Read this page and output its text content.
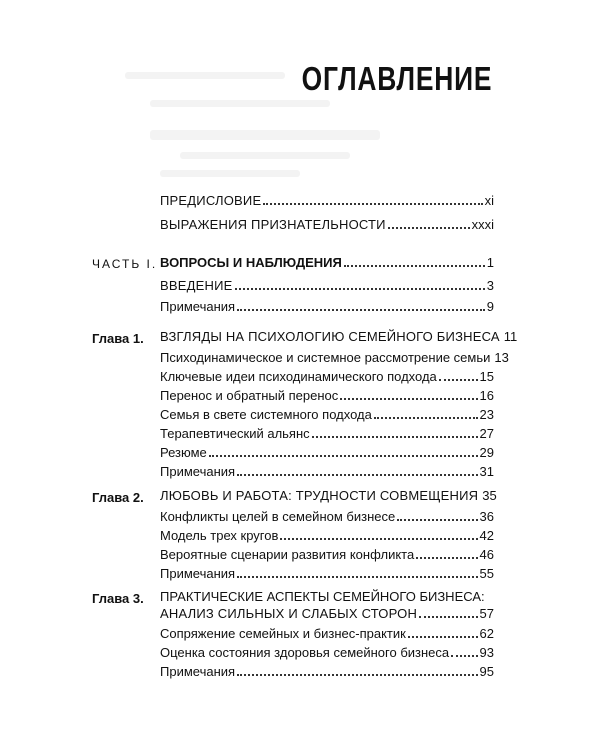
ОГЛАВЛЕНИЕ
ПРЕДИСЛОВИЕ	xi
ВЫРАЖЕНИЯ ПРИЗНАТЕЛЬНОСТИ	xxxi
ЧАСТЬ I. ВОПРОСЫ И НАБЛЮДЕНИЯ	1
ВВЕДЕНИЕ	3
Примечания	9
Глава 1. ВЗГЛЯДЫ НА ПСИХОЛОГИЮ СЕМЕЙНОГО БИЗНЕСА 11
Психодинамическое и системное рассмотрение семьи 13
Ключевые идеи психодинамического подхода	15
Перенос и обратный перенос	16
Семья в свете системного подхода	23
Терапевтический альянс	27
Резюме	29
Примечания	31
Глава 2. ЛЮБОВЬ И РАБОТА: ТРУДНОСТИ СОВМЕЩЕНИЯ 35
Конфликты целей в семейном бизнесе	36
Модель трех кругов	42
Вероятные сценарии развития конфликта	46
Примечания	55
Глава 3. ПРАКТИЧЕСКИЕ АСПЕКТЫ СЕМЕЙНОГО БИЗНЕСА:
АНАЛИЗ СИЛЬНЫХ И СЛАБЫХ СТОРОН	57
Сопряжение семейных и бизнес-практик	62
Оценка состояния здоровья семейного бизнеса 93
Примечания	95
